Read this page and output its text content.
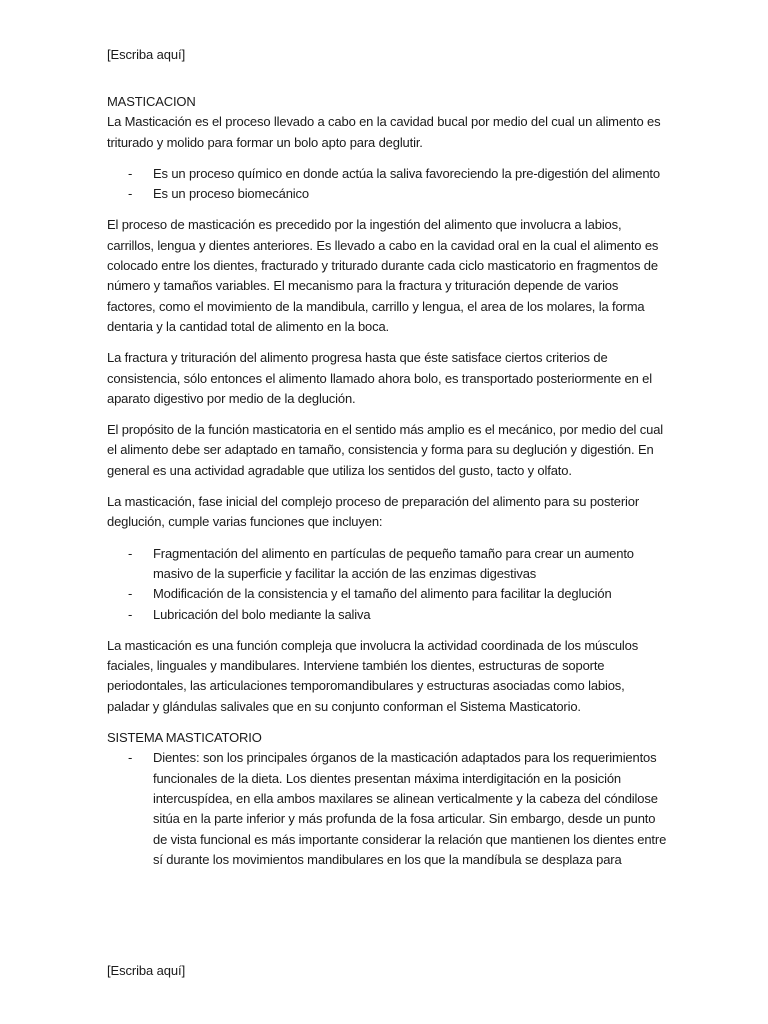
[Escriba aquí]

MASTICACION

La Masticación es el proceso llevado a cabo en la cavidad bucal por medio del cual un alimento es triturado y molido para formar un bolo apto para deglutir.

- Es un proceso químico en donde actúa la saliva favoreciendo la pre-digestión del alimento
- Es un proceso biomecánico

El proceso de masticación es precedido por la ingestión del alimento que involucra a labios, carrillos, lengua y dientes anteriores. Es llevado a cabo en la cavidad oral en la cual el alimento es colocado entre los dientes, fracturado y triturado durante cada ciclo masticatorio en fragmentos de número y tamaños variables. El mecanismo para la fractura y trituración depende de varios factores, como el movimiento de la mandibula, carrillo y lengua, el area de los molares, la forma dentaria y la cantidad total de alimento en la boca.

La fractura y trituración del alimento progresa hasta que éste satisface ciertos criterios de consistencia, sólo entonces el alimento llamado ahora bolo, es transportado posteriormente en el aparato digestivo por medio de la deglución.

El propósito de la función masticatoria en el sentido más amplio es el mecánico, por medio del cual el alimento debe ser adaptado en tamaño, consistencia y forma para su deglución y digestión. En general es una actividad agradable que utiliza los sentidos del gusto, tacto y olfato.

La masticación, fase inicial del complejo proceso de preparación del alimento para su posterior deglución, cumple varias funciones que incluyen:

- Fragmentación del alimento en partículas de pequeño tamaño para crear un aumento masivo de la superficie y facilitar la acción de las enzimas digestivas
- Modificación de la consistencia y el tamaño del alimento para facilitar la deglución
- Lubricación del bolo mediante la saliva

La masticación es una función compleja que involucra la actividad coordinada de los músculos faciales, linguales y mandibulares. Interviene también los dientes, estructuras de soporte periodontales, las articulaciones temporomandibulares y estructuras asociadas como labios, paladar y glándulas salivales que en su conjunto conforman el Sistema Masticatorio.

SISTEMA MASTICATORIO

- Dientes: son los principales órganos de la masticación adaptados para los requerimientos funcionales de la dieta. Los dientes presentan máxima interdigitación en la posición intercuspídea, en ella ambos maxilares se alinean verticalmente y la cabeza del cóndilose sitúa en la parte inferior y más profunda de la fosa articular. Sin embargo, desde un punto de vista funcional es más importante considerar la relación que mantienen los dientes entre sí durante los movimientos mandibulares en los que la mandíbula se desplaza para
[Escriba aquí]
